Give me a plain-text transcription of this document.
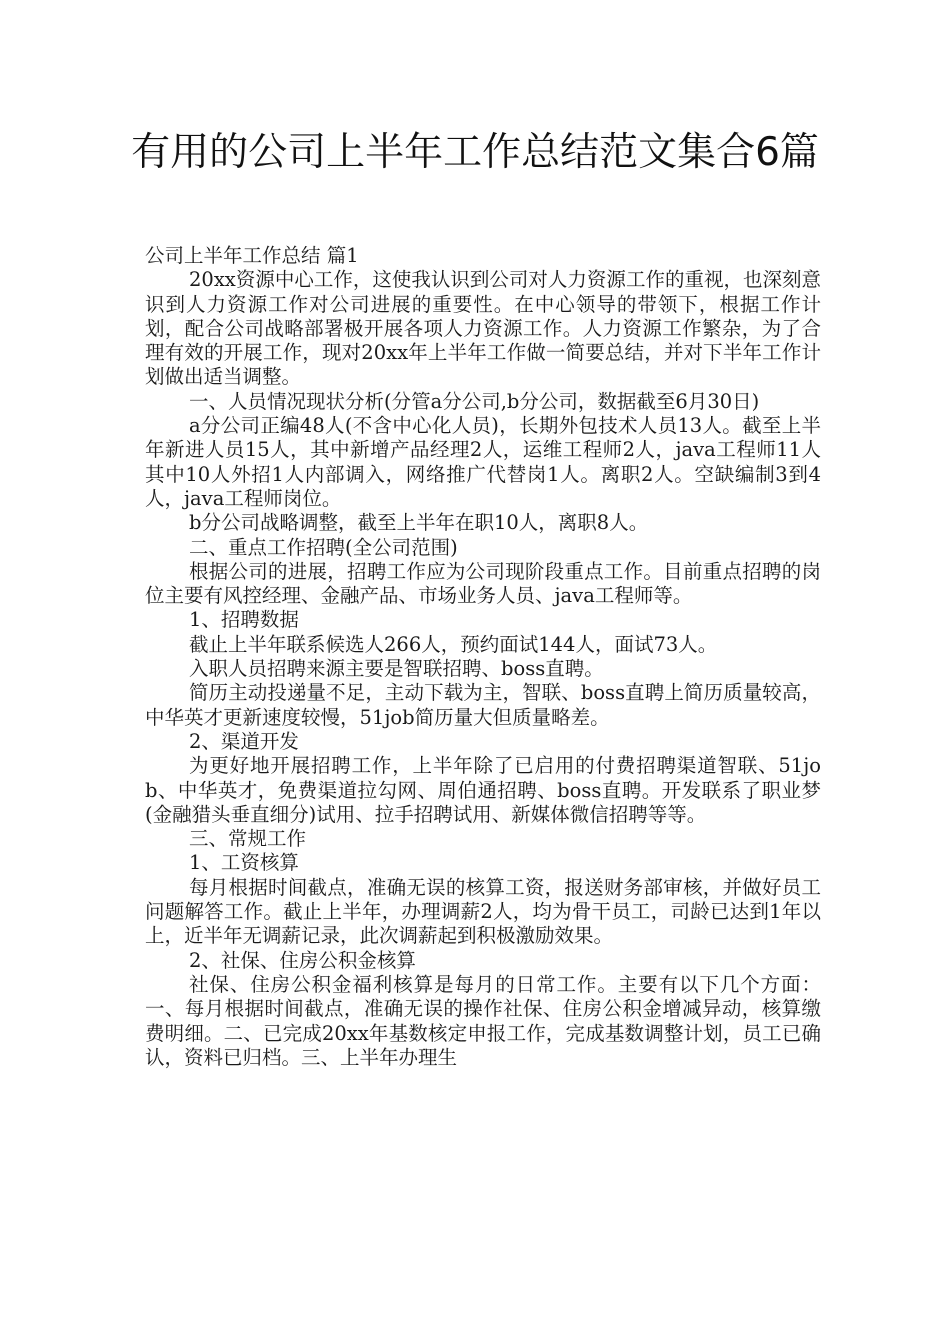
有用的公司上半年工作总结范文集合6篇

公司上半年工作总结 篇1

20xx资源中心工作，这使我认识到公司对人力资源工作的重视，也深刻意识到人力资源工作对公司进展的重要性。在中心领导的带领下，根据工作计划，配合公司战略部署极开展各项人力资源工作。人力资源工作繁杂，为了合理有效的开展工作，现对20xx年上半年工作做一简要总结，并对下半年工作计划做出适当调整。

一、人员情况现状分析(分管a分公司,b分公司，数据截至6月30日)

a分公司正编48人(不含中心化人员)，长期外包技术人员13人。截至上半年新进人员15人，其中新增产品经理2人，运维工程师2人，java工程师11人其中10人外招1人内部调入，网络推广代替岗1人。离职2人。空缺编制3到4人，java工程师岗位。

b分公司战略调整，截至上半年在职10人，离职8人。

二、重点工作招聘(全公司范围)

根据公司的进展，招聘工作应为公司现阶段重点工作。目前重点招聘的岗位主要有风控经理、金融产品、市场业务人员、java工程师等。

1、招聘数据

截止上半年联系候选人266人，预约面试144人，面试73人。

入职人员招聘来源主要是智联招聘、boss直聘。

简历主动投递量不足，主动下载为主，智联、boss直聘上简历质量较高，中华英才更新速度较慢，51job简历量大但质量略差。

2、渠道开发

为更好地开展招聘工作，上半年除了已启用的付费招聘渠道智联、51job、中华英才，免费渠道拉勾网、周伯通招聘、boss直聘。开发联系了职业梦(金融猎头垂直细分)试用、拉手招聘试用、新媒体微信招聘等等。

三、常规工作

1、工资核算

每月根据时间截点，准确无误的核算工资，报送财务部审核，并做好员工问题解答工作。截止上半年，办理调薪2人，均为骨干员工，司龄已达到1年以上，近半年无调薪记录，此次调薪起到积极激励效果。

2、社保、住房公积金核算

社保、住房公积金福利核算是每月的日常工作。主要有以下几个方面：一、每月根据时间截点，准确无误的操作社保、住房公积金增减异动，核算缴费明细。二、已完成20xx年基数核定申报工作，完成基数调整计划，员工已确认，资料已归档。三、上半年办理生
